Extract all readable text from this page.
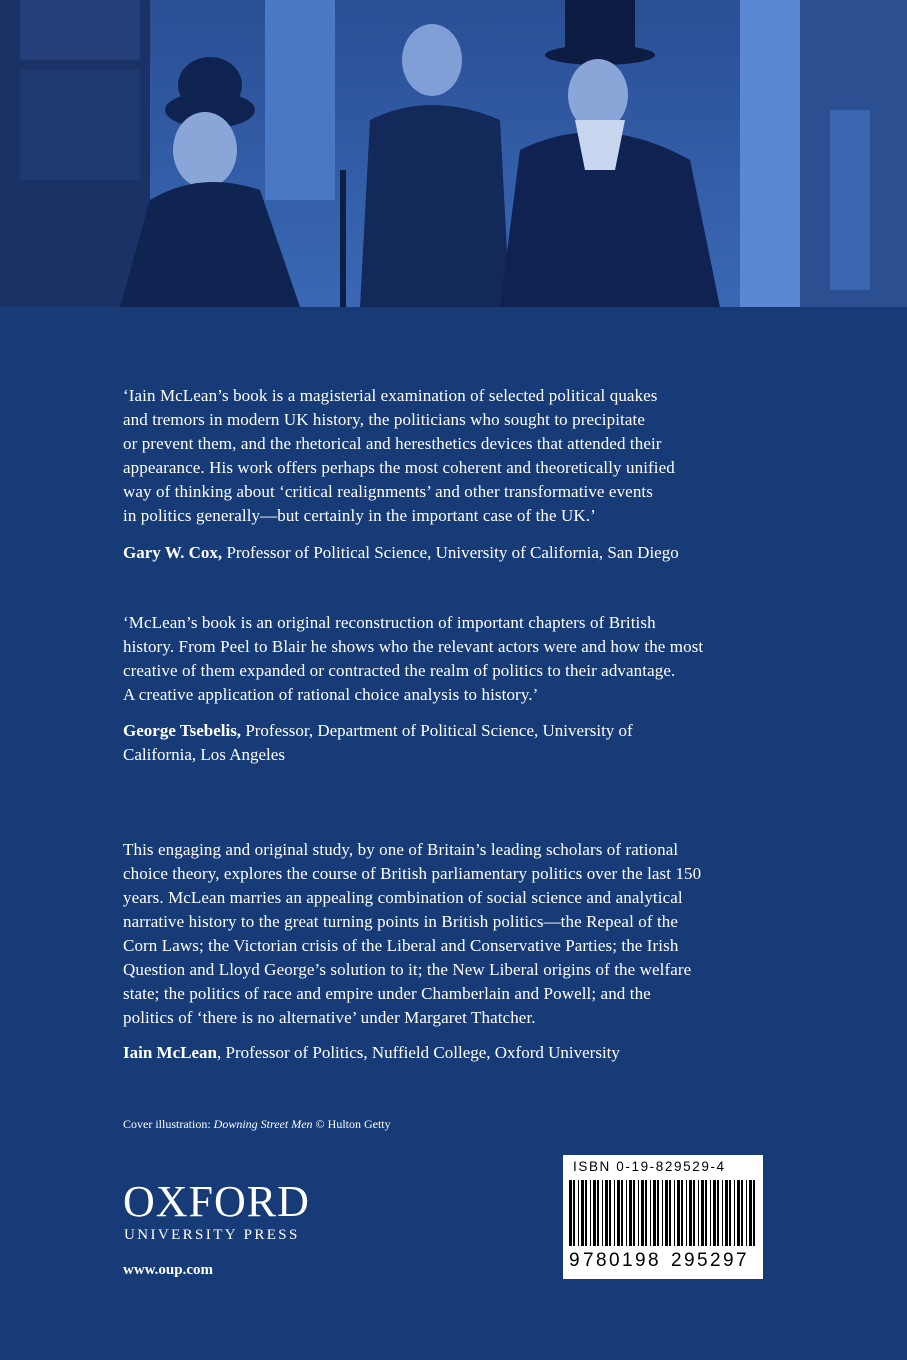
‘Iain McLean’s book is a magisterial examination of selected political quakes

and tremors in modern UK history, the politicians who sought to precipitate

or prevent them, and the rhetorical and heresthetics devices that attended their

appearance. His work offers perhaps the most coherent and theoretically unified

way of thinking about ‘critical realignments’ and other transformative events

in politics generally—but certainly in the important case of the UK.’

Gary W. Cox, Professor of Political Science, University of California, San Diego

‘McLean’s book is an original reconstruction of important chapters of British

history. From Peel to Blair he shows who the relevant actors were and how the most

creative of them expanded or contracted the realm of politics to their advantage.

A creative application of rational choice analysis to history.’

George Tsebelis, Professor, Department of Political Science, University of
California, Los Angeles

This engaging and original study, by one of Britain’s leading scholars of rational

choice theory, explores the course of British parliamentary politics over the last 150

years. McLean marries an appealing combination of social science and analytical

narrative history to the great turning points in British politics—the Repeal of the

Corn Laws; the Victorian crisis of the Liberal and Conservative Parties; the Irish

Question and Lloyd George’s solution to it; the New Liberal origins of the welfare

state; the politics of race and empire under Chamberlain and Powell; and the

politics of ‘there is no alternative’ under Margaret Thatcher.

Iain McLean, Professor of Politics, Nuffield College, Oxford University
Cover illustration: Downing Street Men © Hulton Getty
OXFORD
UNIVERSITY PRESS
www.oup.com
ISBN 0-19-829529-4
9 7 8 0 1 9 8 2 9 5 2 9 7
